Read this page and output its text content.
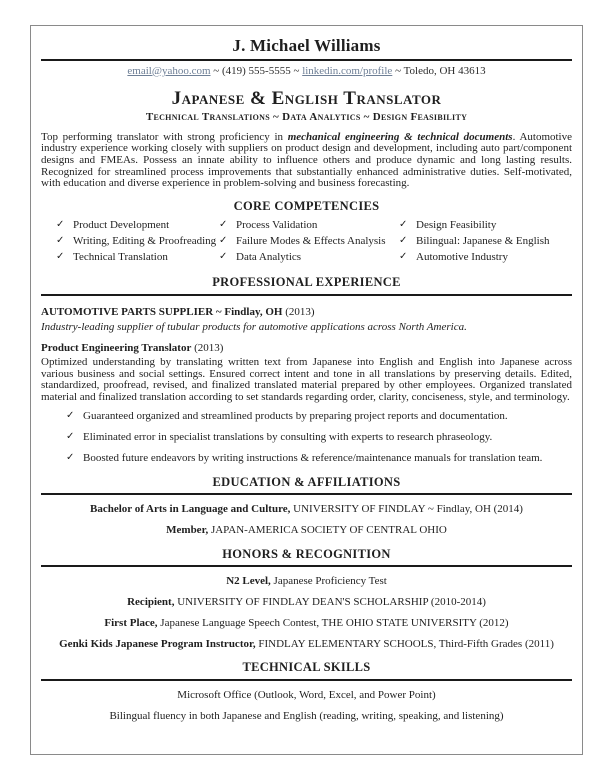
J. Michael Williams

email@yahoo.com ~ (419) 555-5555 ~ linkedin.com/profile ~ Toledo, OH 43613

Japanese & English Translator
Technical Translations ~ Data Analytics ~ Design Feasibility

Top performing translator with strong proficiency in mechanical engineering & technical documents. Automotive industry experience working closely with suppliers on product design and development, including auto part/component designs and FMEAs. Possess an innate ability to influence others and produce dynamic and long lasting results. Recognized for streamlined process improvements that substantially enhanced administrative duties. Self-motivated, with education and diverse experience in problem-solving and business forecasting.

CORE COMPETENCIES
✓ Product Development
✓ Writing, Editing & Proofreading
✓ Technical Translation
✓ Process Validation
✓ Failure Modes & Effects Analysis
✓ Data Analytics
✓ Design Feasibility
✓ Bilingual: Japanese & English
✓ Automotive Industry
PROFESSIONAL EXPERIENCE

AUTOMOTIVE PARTS SUPPLIER ~ Findlay, OH (2013)

Industry-leading supplier of tubular products for automotive applications across North America.

Product Engineering Translator (2013)

Optimized understanding by translating written text from Japanese into English and English into Japanese across various business and social settings. Ensured correct intent and tone in all translations by preserving details. Edited, standardized, proofread, revised, and finalized translated material prepared by other employees. Organized translated material and finalized translation according to set standards regarding order, clarity, conciseness, style, and terminology.

✓ Guaranteed organized and streamlined products by preparing project reports and documentation.
✓ Eliminated error in specialist translations by consulting with experts to research phraseology.
✓ Boosted future endeavors by writing instructions & reference/maintenance manuals for translation team.
EDUCATION & AFFILIATIONS
Bachelor of Arts in Language and Culture, UNIVERSITY OF FINDLAY ~ Findlay, OH (2014)
Member, JAPAN-AMERICA SOCIETY OF CENTRAL OHIO
HONORS & RECOGNITION
N2 Level, Japanese Proficiency Test
Recipient, UNIVERSITY OF FINDLAY DEAN'S SCHOLARSHIP (2010-2014)
First Place, Japanese Language Speech Contest, THE OHIO STATE UNIVERSITY (2012)
Genki Kids Japanese Program Instructor, FINDLAY ELEMENTARY SCHOOLS, Third-Fifth Grades (2011)
TECHNICAL SKILLS
Microsoft Office (Outlook, Word, Excel, and Power Point)
Bilingual fluency in both Japanese and English (reading, writing, speaking, and listening)
